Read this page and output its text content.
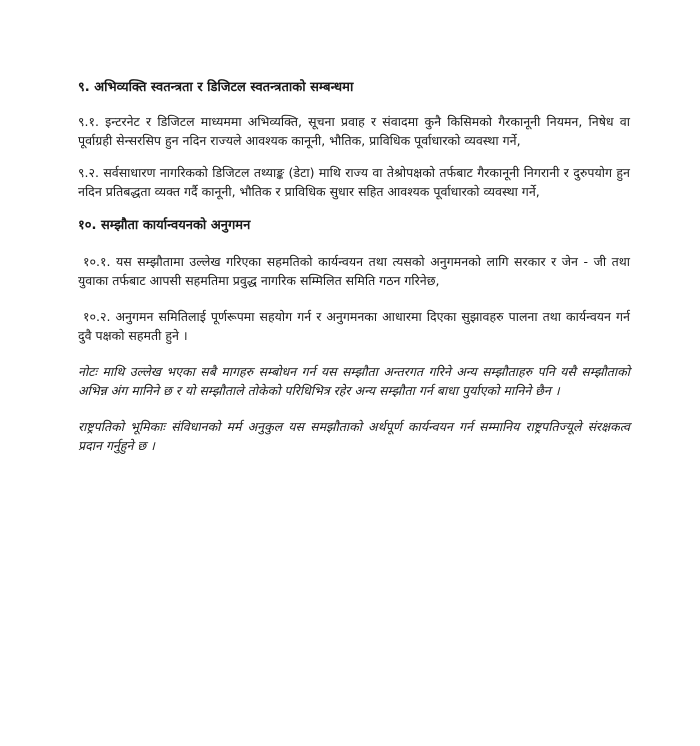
९. अभिव्यक्ति स्वतन्त्रता र डिजिटल स्वतन्त्रताको सम्बन्धमा

९.१. इन्टरनेट र डिजिटल माध्यममा अभिव्यक्ति, सूचना प्रवाह र संवादमा कुनै किसिमको गैरकानूनी नियमन, निषेध वा पूर्वाग्रही सेन्सरसिप हुन नदिन राज्यले आवश्यक कानूनी, भौतिक, प्राविधिक पूर्वाधारको व्यवस्था गर्ने,

९.२. सर्वसाधारण नागरिकको डिजिटल तथ्याङ्क (डेटा) माथि राज्य वा तेश्रोपक्षको तर्फबाट गैरकानूनी निगरानी र दुरुपयोग हुन नदिन प्रतिबद्धता व्यक्त गर्दै कानूनी, भौतिक र प्राविधिक सुधार सहित आवश्यक पूर्वाधारको व्यवस्था गर्ने,

१०. सम्झौता कार्यान्वयनको अनुगमन

१०.१. यस सम्झौतामा उल्लेख गरिएका सहमतिको कार्यन्वयन तथा त्यसको अनुगमनको लागि सरकार र जेन - जी तथा युवाका तर्फबाट आपसी सहमतिमा प्रवुद्ध नागरिक सम्मिलित समिति गठन गरिनेछ,

१०.२. अनुगमन समितिलाई पूर्णरूपमा सहयोग गर्न र अनुगमनका आधारमा दिएका सुझावहरु पालना तथा कार्यन्वयन गर्न दुवै पक्षको सहमती हुने ।

नोटः माथि उल्लेख भएका सबै मागहरु सम्बोधन गर्न यस सम्झौता अन्तरगत गरिने अन्य सम्झौताहरु पनि यसै सम्झौताको अभिन्न अंग मानिने छ र यो सम्झौताले तोकेको परिधिभित्र रहेर अन्य सम्झौता गर्न बाधा पुर्याएको मानिने छैन ।

राष्ट्रपतिको भूमिकाः संविधानको मर्म अनुकुल यस समझौताको अर्थपूर्ण कार्यन्वयन गर्न सम्मानिय राष्ट्रपतिज्यूले संरक्षकत्व प्रदान गर्नुहुने छ ।
